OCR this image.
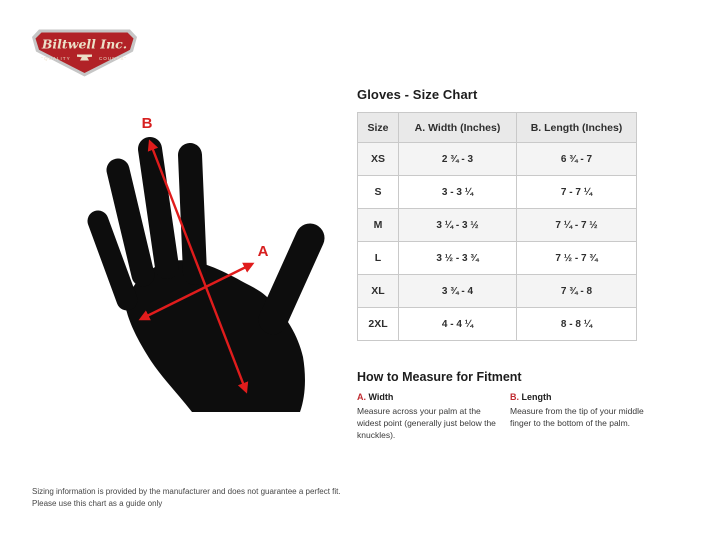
Biltwell Inc.
"QUALITY	COUNTS"
A
B
Gloves - Size Chart
Size	A. Width (Inches)	B. Length (Inches)
XS	2 ¾ - 3	6 ¾ - 7
S	3 - 3 ¼	7 - 7 ¼
M	3 ¼ - 3 ½	7 ¼ - 7 ½
L	3 ½ - 3 ¾	7 ½ - 7 ¾
XL	3 ¾ - 4	7 ¾ - 8
2XL	4 - 4 ¼	8 - 8 ¼
How to Measure for Fitment
A. Width
Measure across your palm at the widest point (generally just below the knuckles).
B. Length
Measure from the tip of your middle finger to the bottom of the palm.
Sizing information is provided by the manufacturer and does not guarantee a perfect fit.
Please use this chart as a guide only
